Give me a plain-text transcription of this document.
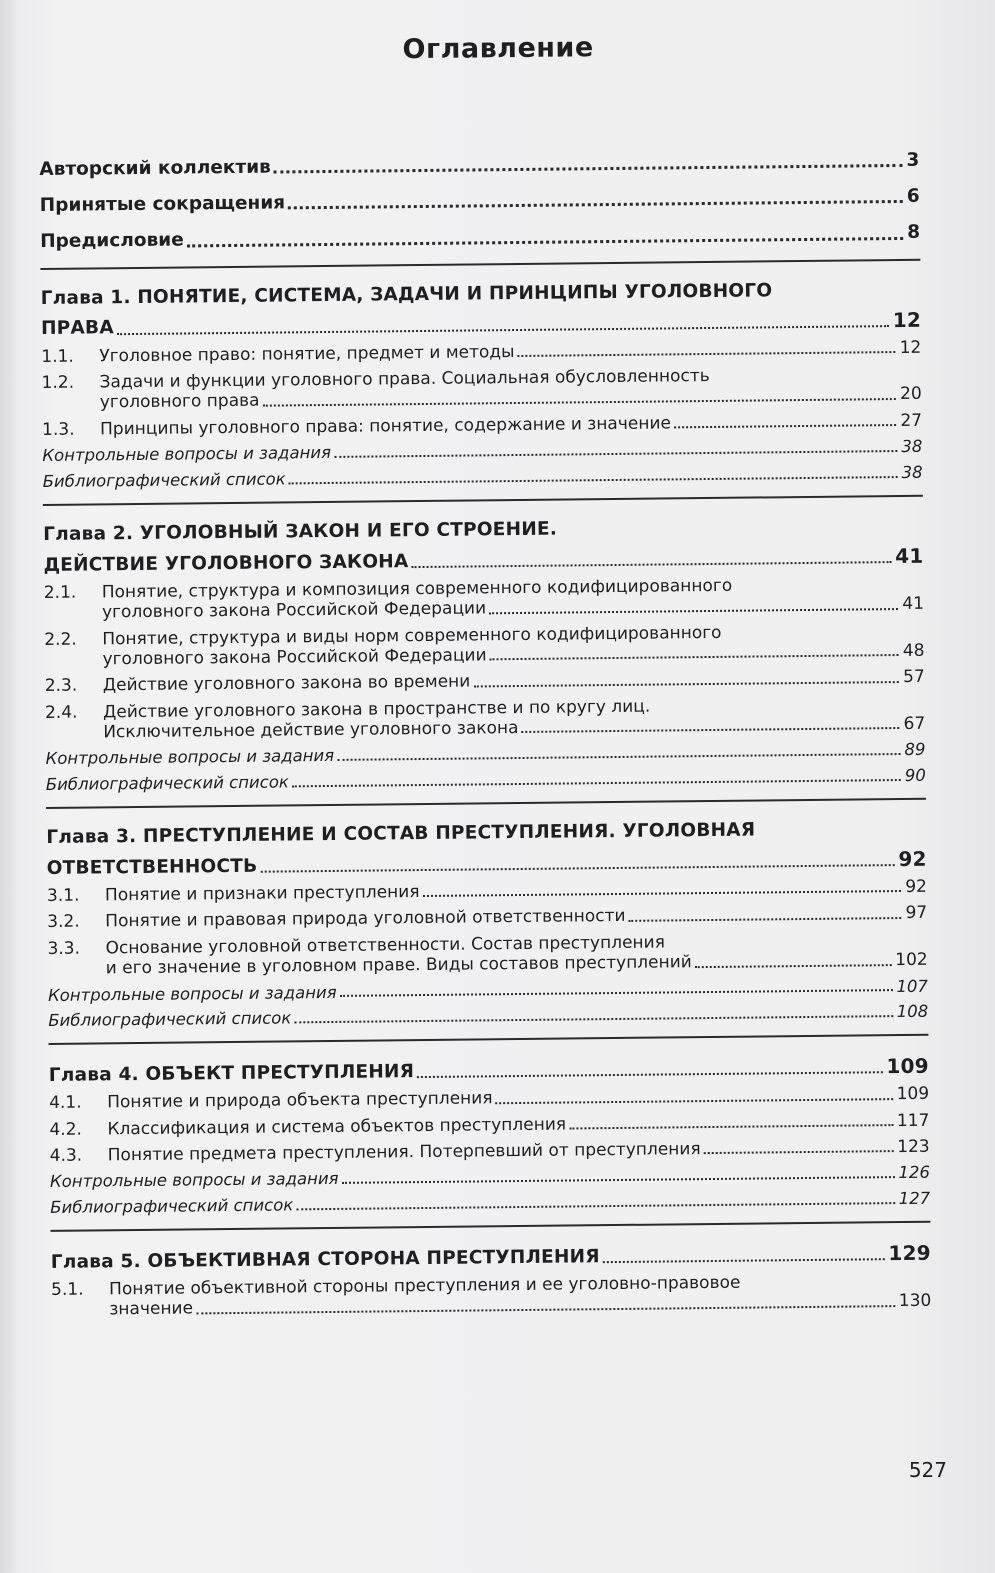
Оглавление
Авторский коллектив	3
Принятые сокращения	6
Предисловие	8
Глава 1. ПОНЯТИЕ, СИСТЕМА, ЗАДАЧИ И ПРИНЦИПЫ УГОЛОВНОГО
ПРАВА	12
1.1.	Уголовное право: понятие, предмет и методы	12
1.2.	Задачи и функции уголовного права. Социальная обусловленность
уголовного права	20
1.3.	Принципы уголовного права: понятие, содержание и значение	27
Контрольные вопросы и задания	38
Библиографический список	38
Глава 2. УГОЛОВНЫЙ ЗАКОН И ЕГО СТРОЕНИЕ.
ДЕЙСТВИЕ УГОЛОВНОГО ЗАКОНА	41
2.1.	Понятие, структура и композиция современного кодифицированного
уголовного закона Российской Федерации	41
2.2.	Понятие, структура и виды норм современного кодифицированного
уголовного закона Российской Федерации	48
2.3.	Действие уголовного закона во времени	57
2.4.	Действие уголовного закона в пространстве и по кругу лиц.
Исключительное действие уголовного закона	67
Контрольные вопросы и задания	89
Библиографический список	90
Глава 3. ПРЕСТУПЛЕНИЕ И СОСТАВ ПРЕСТУПЛЕНИЯ. УГОЛОВНАЯ
ОТВЕТСТВЕННОСТЬ	92
3.1.	Понятие и признаки преступления	92
3.2.	Понятие и правовая природа уголовной ответственности	97
3.3.	Основание уголовной ответственности. Состав преступления
и его значение в уголовном праве. Виды составов преступлений	102
Контрольные вопросы и задания	107
Библиографический список	108
Глава 4. ОБЪЕКТ ПРЕСТУПЛЕНИЯ	109
4.1.	Понятие и природа объекта преступления	109
4.2.	Классификация и система объектов преступления	117
4.3.	Понятие предмета преступления. Потерпевший от преступления	123
Контрольные вопросы и задания	126
Библиографический список	127
Глава 5. ОБЪЕКТИВНАЯ СТОРОНА ПРЕСТУПЛЕНИЯ	129
5.1.	Понятие объективной стороны преступления и ее уголовно-правовое
значение	130
527
